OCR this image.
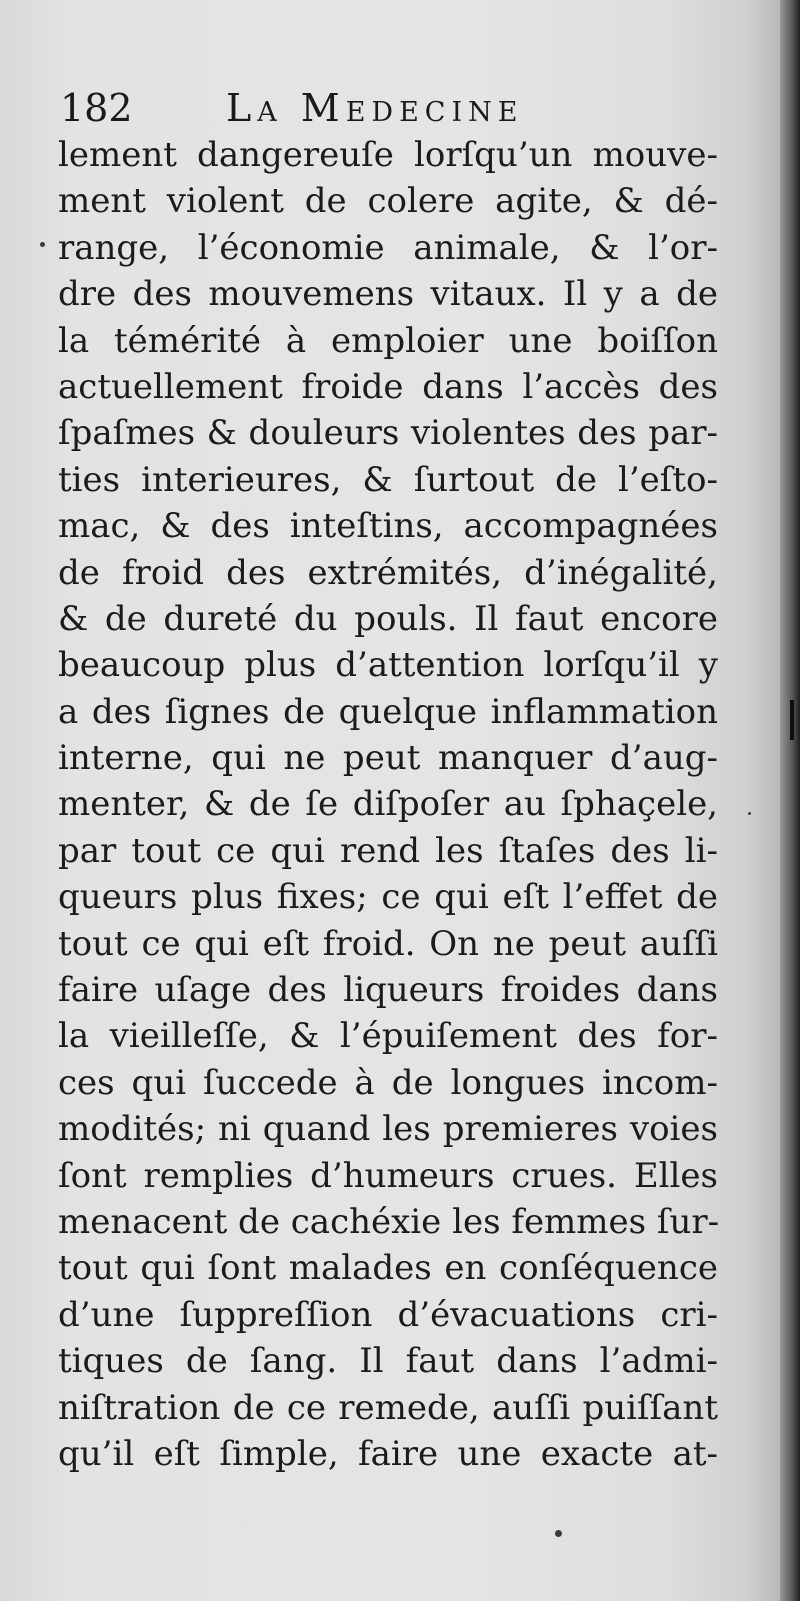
182 La Medecine
lement dangereuſe lorſqu’un mouve-
ment violent de colere agite, & dé-
range, l’économie animale, & l’or-
dre des mouvemens vitaux. Il y a de
la témérité à emploier une boiſſon
actuellement froide dans l’accès des
ſpaſmes & douleurs violentes des par-
ties interieures, & ſurtout de l’eſto-
mac, & des inteſtins, accompagnées
de froid des extrémités, d’inégalité,
& de dureté du pouls. Il faut encore
beaucoup plus d’attention lorſqu’il y
a des ſignes de quelque inflammation
interne, qui ne peut manquer d’aug-
menter, & de ſe diſpoſer au ſphaçele,
par tout ce qui rend les ſtaſes des li-
queurs plus fixes; ce qui eſt l’effet de
tout ce qui eſt froid. On ne peut auſſi
faire uſage des liqueurs froides dans
la vieilleſſe, & l’épuiſement des for-
ces qui ſuccede à de longues incom-
modités; ni quand les premieres voies
ſont remplies d’humeurs crues. Elles
menacent de cachéxie les femmes ſur-
tout qui ſont malades en conſéquence
d’une ſuppreſſion d’évacuations cri-
tiques de ſang. Il faut dans l’admi-
niſtration de ce remede, auſſi puiſſant
qu’il eſt ſimple, faire une exacte at-
